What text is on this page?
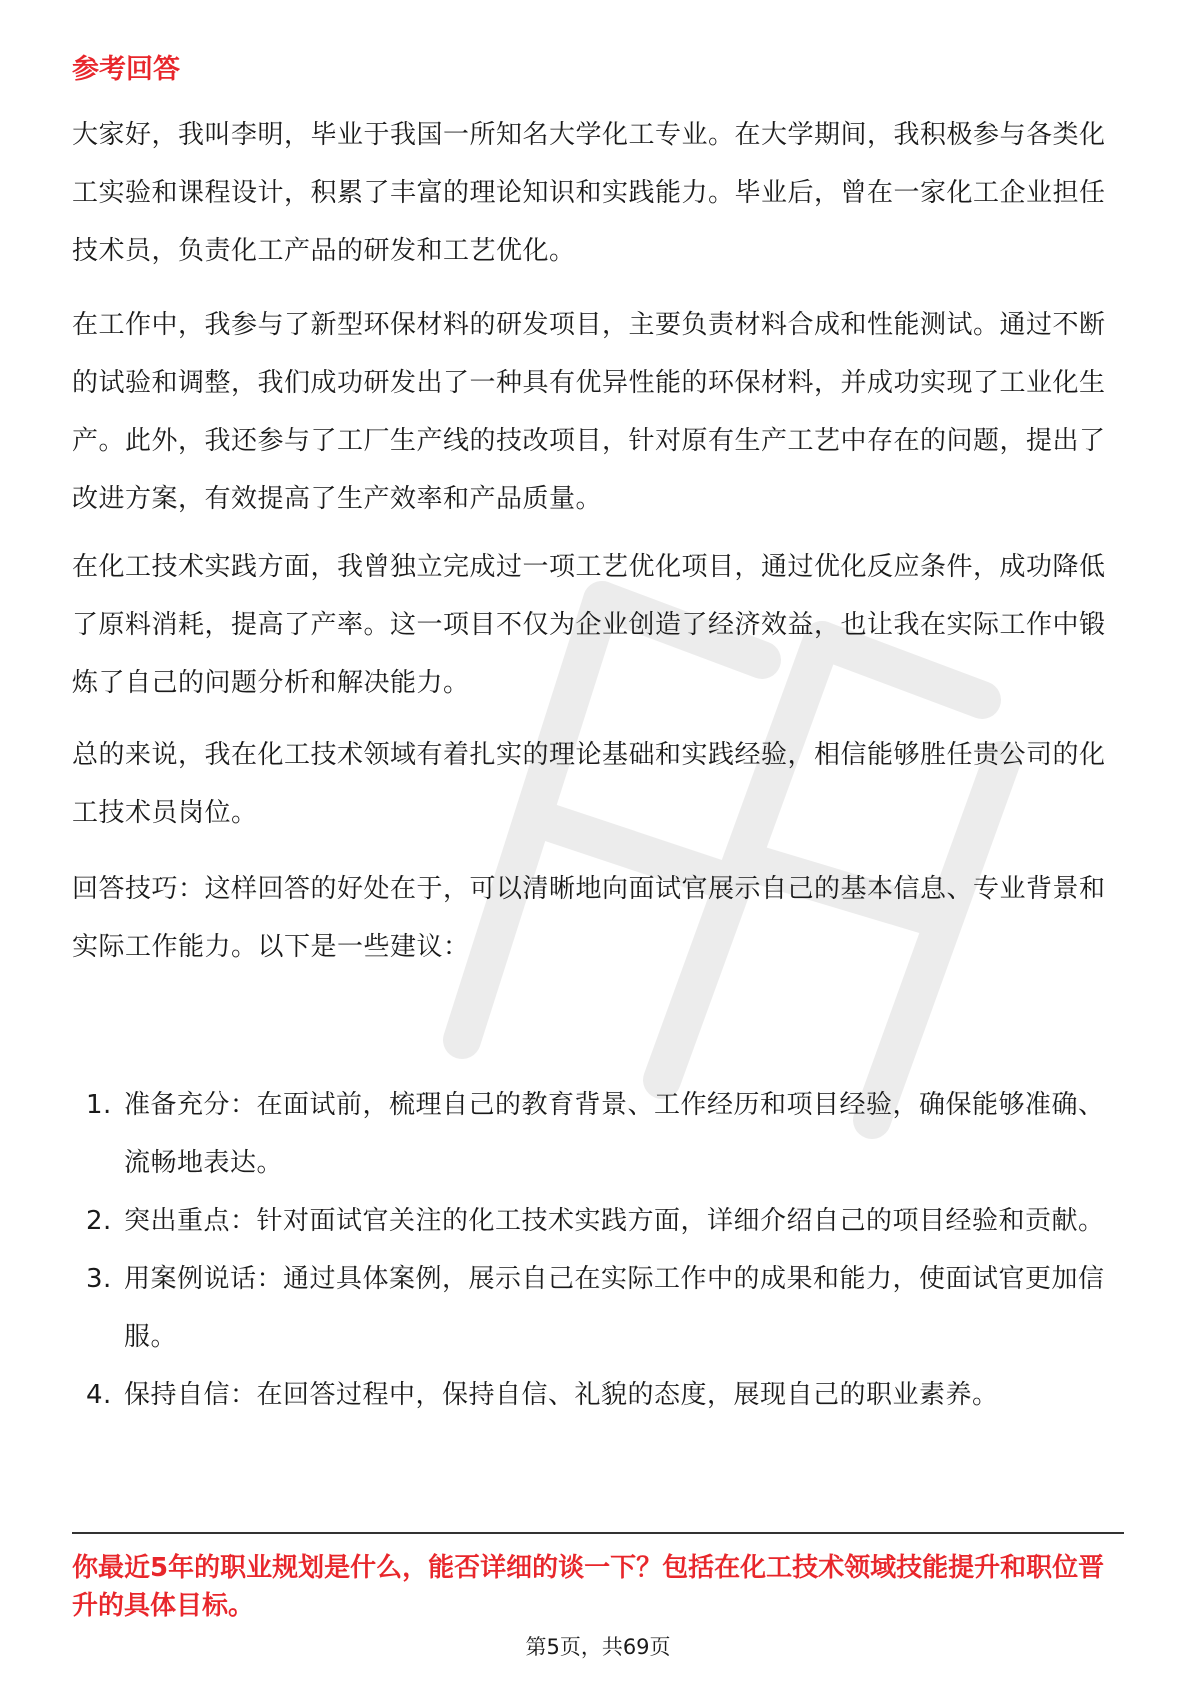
参考回答

大家好，我叫李明，毕业于我国一所知名大学化工专业。在大学期间，我积极参与各类化工实验和课程设计，积累了丰富的理论知识和实践能力。毕业后，曾在一家化工企业担任技术员，负责化工产品的研发和工艺优化。

在工作中，我参与了新型环保材料的研发项目，主要负责材料合成和性能测试。通过不断的试验和调整，我们成功研发出了一种具有优异性能的环保材料，并成功实现了工业化生产。此外，我还参与了工厂生产线的技改项目，针对原有生产工艺中存在的问题，提出了改进方案，有效提高了生产效率和产品质量。

在化工技术实践方面，我曾独立完成过一项工艺优化项目，通过优化反应条件，成功降低了原料消耗，提高了产率。这一项目不仅为企业创造了经济效益，也让我在实际工作中锻炼了自己的问题分析和解决能力。

总的来说，我在化工技术领域有着扎实的理论基础和实践经验，相信能够胜任贵公司的化工技术员岗位。

回答技巧：这样回答的好处在于，可以清晰地向面试官展示自己的基本信息、专业背景和实际工作能力。以下是一些建议：

1. 准备充分：在面试前，梳理自己的教育背景、工作经历和项目经验，确保能够准确、流畅地表达。
2. 突出重点：针对面试官关注的化工技术实践方面，详细介绍自己的项目经验和贡献。
3. 用案例说话：通过具体案例，展示自己在实际工作中的成果和能力，使面试官更加信服。
4. 保持自信：在回答过程中，保持自信、礼貌的态度，展现自己的职业素养。

你最近5年的职业规划是什么，能否详细的谈一下？包括在化工技术领域技能提升和职位晋升的具体目标。

第5页，共69页
